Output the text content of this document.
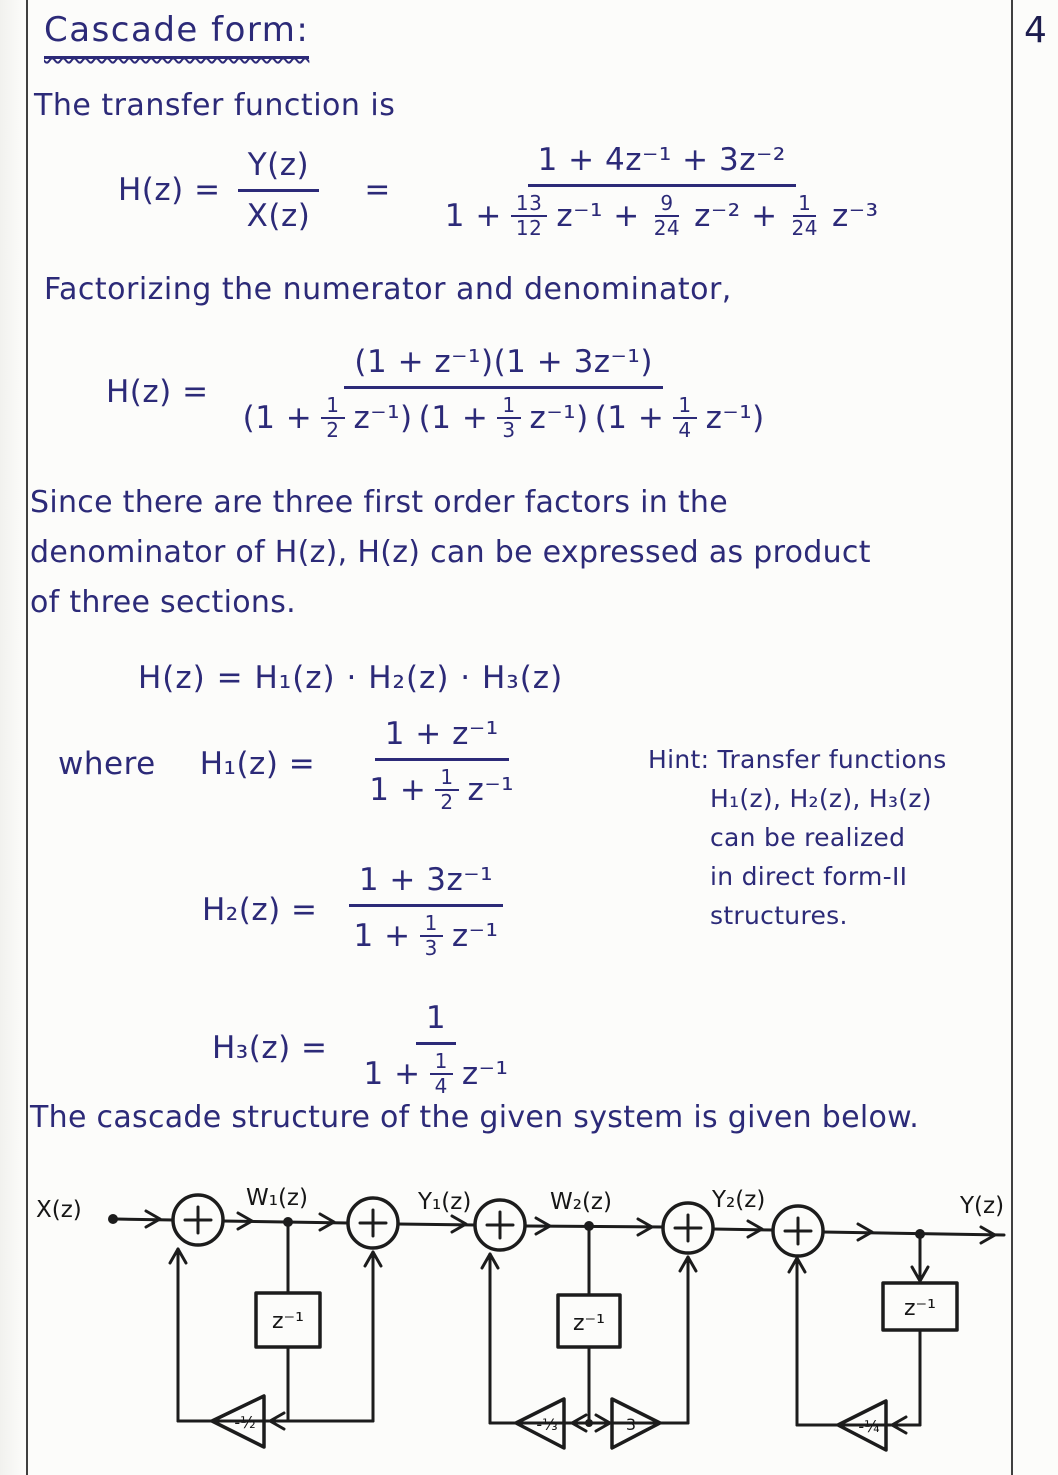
4
Cascade form:
The transfer function is
$H(z) = \frac{Y(z)}{X(z)}$ =
1 + 4z⁻¹ + 3z⁻²
$1 + \frac{13}{12} z^{-1} + \frac{9}{24} z^{-2} + \frac{1}{24} z^{-3}$
Factorizing the numerator and denominator,
H(z) =
(1 + z⁻¹)(1 + 3z⁻¹)
$(1 + \frac{1}{2} z^{-1})$ $(1 + \frac{1}{3} z^{-1})$ $(1 + \frac{1}{4} z^{-1})$
Since there are three first order factors in the
denominator of H(z), H(z) can be expressed as product
of three sections.
H(z) = H₁(z) · H₂(z) · H₃(z)
where $H_1(z) = \frac{\text{1 + z⁻¹}}{1 + \frac{1}{2} z^{-1}}$	Hint: Transfer functions
H₁(z), H₂(z), H₃(z)
can be realized
in direct form-II
structures.
$H_2(z) = \frac{\text{1 + 3z⁻¹}}{1 + \frac{1}{3} z^{-1}}$
$H_3(z) = \frac{1}{1 + \frac{1}{4} z^{-1}}$
The cascade structure of the given system is given below.
z⁻¹
-½
z⁻¹
-⅓	3
z⁻¹
-¼
X(z)	W₁(z)	Y₁(z)	W₂(z)	Y₂(z)	Y(z)
